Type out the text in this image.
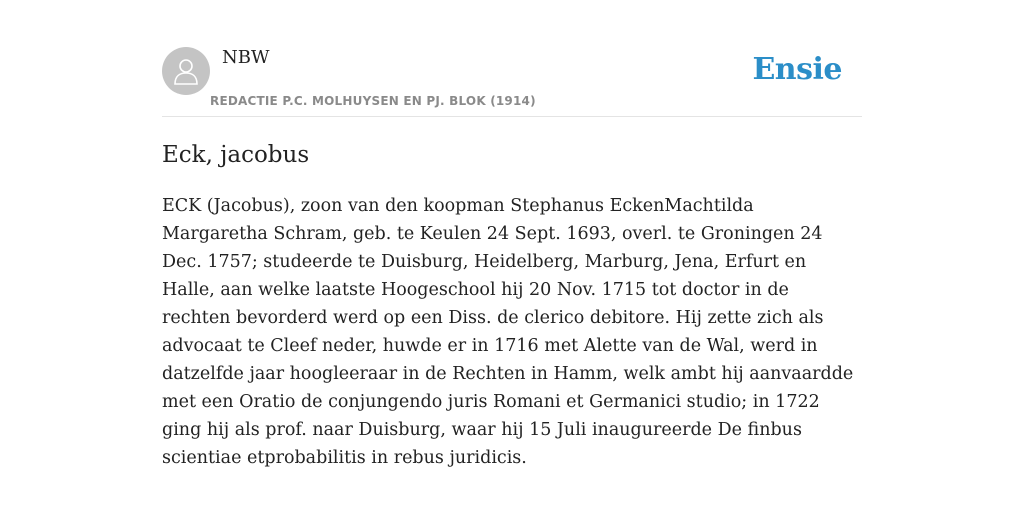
NBW
REDACTIE P.C. MOLHUYSEN EN PJ. BLOK (1914)
Ensie
Eck, jacobus

ECK (Jacobus), zoon van den koopman Stephanus EckenMachtilda Margaretha Schram, geb. te Keulen 24 Sept. 1693, overl. te Groningen 24 Dec. 1757; studeerde te Duisburg, Heidelberg, Marburg, Jena, Erfurt en Halle, aan welke laatste Hoogeschool hij 20 Nov. 1715 tot doctor in de rechten bevorderd werd op een Diss. de clerico debitore. Hij zette zich als advocaat te Cleef neder, huwde er in 1716 met Alette van de Wal, werd in datzelfde jaar hoogleeraar in de Rechten in Hamm, welk ambt hij aanvaardde met een Oratio de conjungendo juris Romani et Germanici studio; in 1722 ging hij als prof. naar Duisburg, waar hij 15 Juli inaugureerde De finbus scientiae etprobabilitis in rebus juridicis.
